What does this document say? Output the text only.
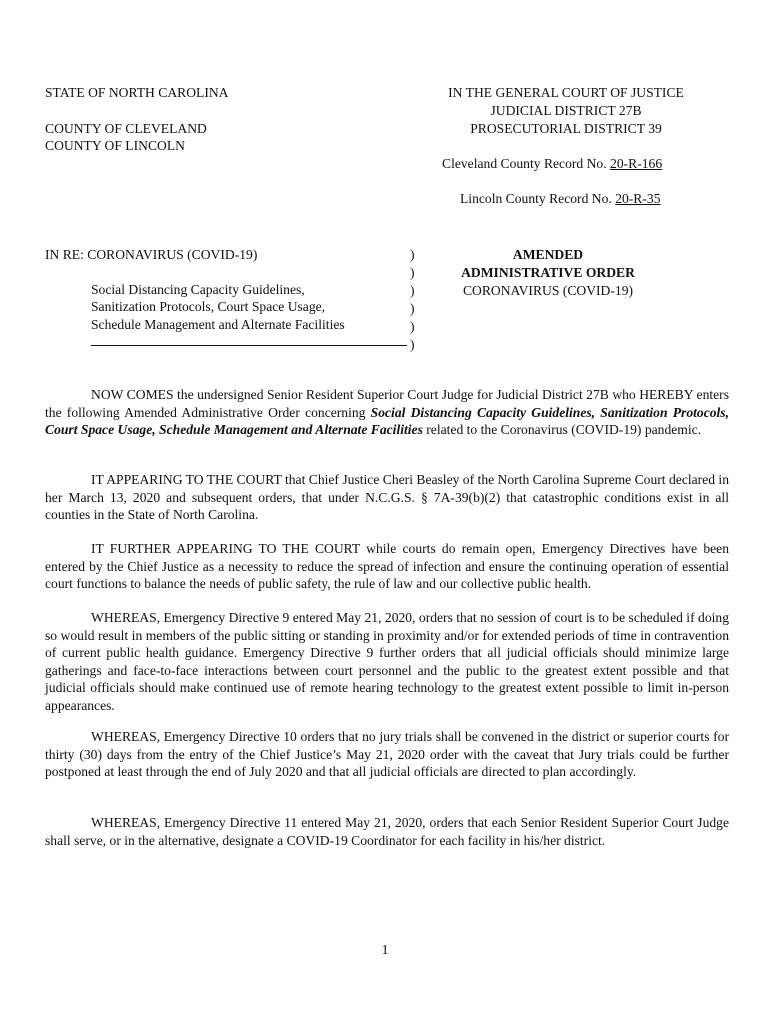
STATE OF NORTH CAROLINA
COUNTY OF CLEVELAND
COUNTY OF LINCOLN
IN THE GENERAL COURT OF JUSTICE
JUDICIAL DISTRICT 27B
PROSECUTORIAL DISTRICT 39
Cleveland County Record No. 20-R-166
Lincoln County Record No. 20-R-35
IN RE: CORONAVIRUS (COVID-19)
Social Distancing Capacity Guidelines,
Sanitization Protocols, Court Space Usage,
Schedule Management and Alternate Facilities
)
)
)
)
)
)
AMENDED
ADMINISTRATIVE ORDER
CORONAVIRUS (COVID-19)
NOW COMES the undersigned Senior Resident Superior Court Judge for Judicial District 27B who HEREBY enters the following Amended Administrative Order concerning Social Distancing Capacity Guidelines, Sanitization Protocols, Court Space Usage, Schedule Management and Alternate Facilities related to the Coronavirus (COVID-19) pandemic.
IT APPEARING TO THE COURT that Chief Justice Cheri Beasley of the North Carolina Supreme Court declared in her March 13, 2020 and subsequent orders, that under N.C.G.S. § 7A-39(b)(2) that catastrophic conditions exist in all counties in the State of North Carolina.
IT FURTHER APPEARING TO THE COURT while courts do remain open, Emergency Directives have been entered by the Chief Justice as a necessity to reduce the spread of infection and ensure the continuing operation of essential court functions to balance the needs of public safety, the rule of law and our collective public health.
WHEREAS, Emergency Directive 9 entered May 21, 2020, orders that no session of court is to be scheduled if doing so would result in members of the public sitting or standing in proximity and/or for extended periods of time in contravention of current public health guidance. Emergency Directive 9 further orders that all judicial officials should minimize large gatherings and face-to-face interactions between court personnel and the public to the greatest extent possible and that judicial officials should make continued use of remote hearing technology to the greatest extent possible to limit in-person appearances.
WHEREAS, Emergency Directive 10 orders that no jury trials shall be convened in the district or superior courts for thirty (30) days from the entry of the Chief Justice’s May 21, 2020 order with the caveat that Jury trials could be further postponed at least through the end of July 2020 and that all judicial officials are directed to plan accordingly.
WHEREAS, Emergency Directive 11 entered May 21, 2020, orders that each Senior Resident Superior Court Judge shall serve, or in the alternative, designate a COVID-19 Coordinator for each facility in his/her district.
1
